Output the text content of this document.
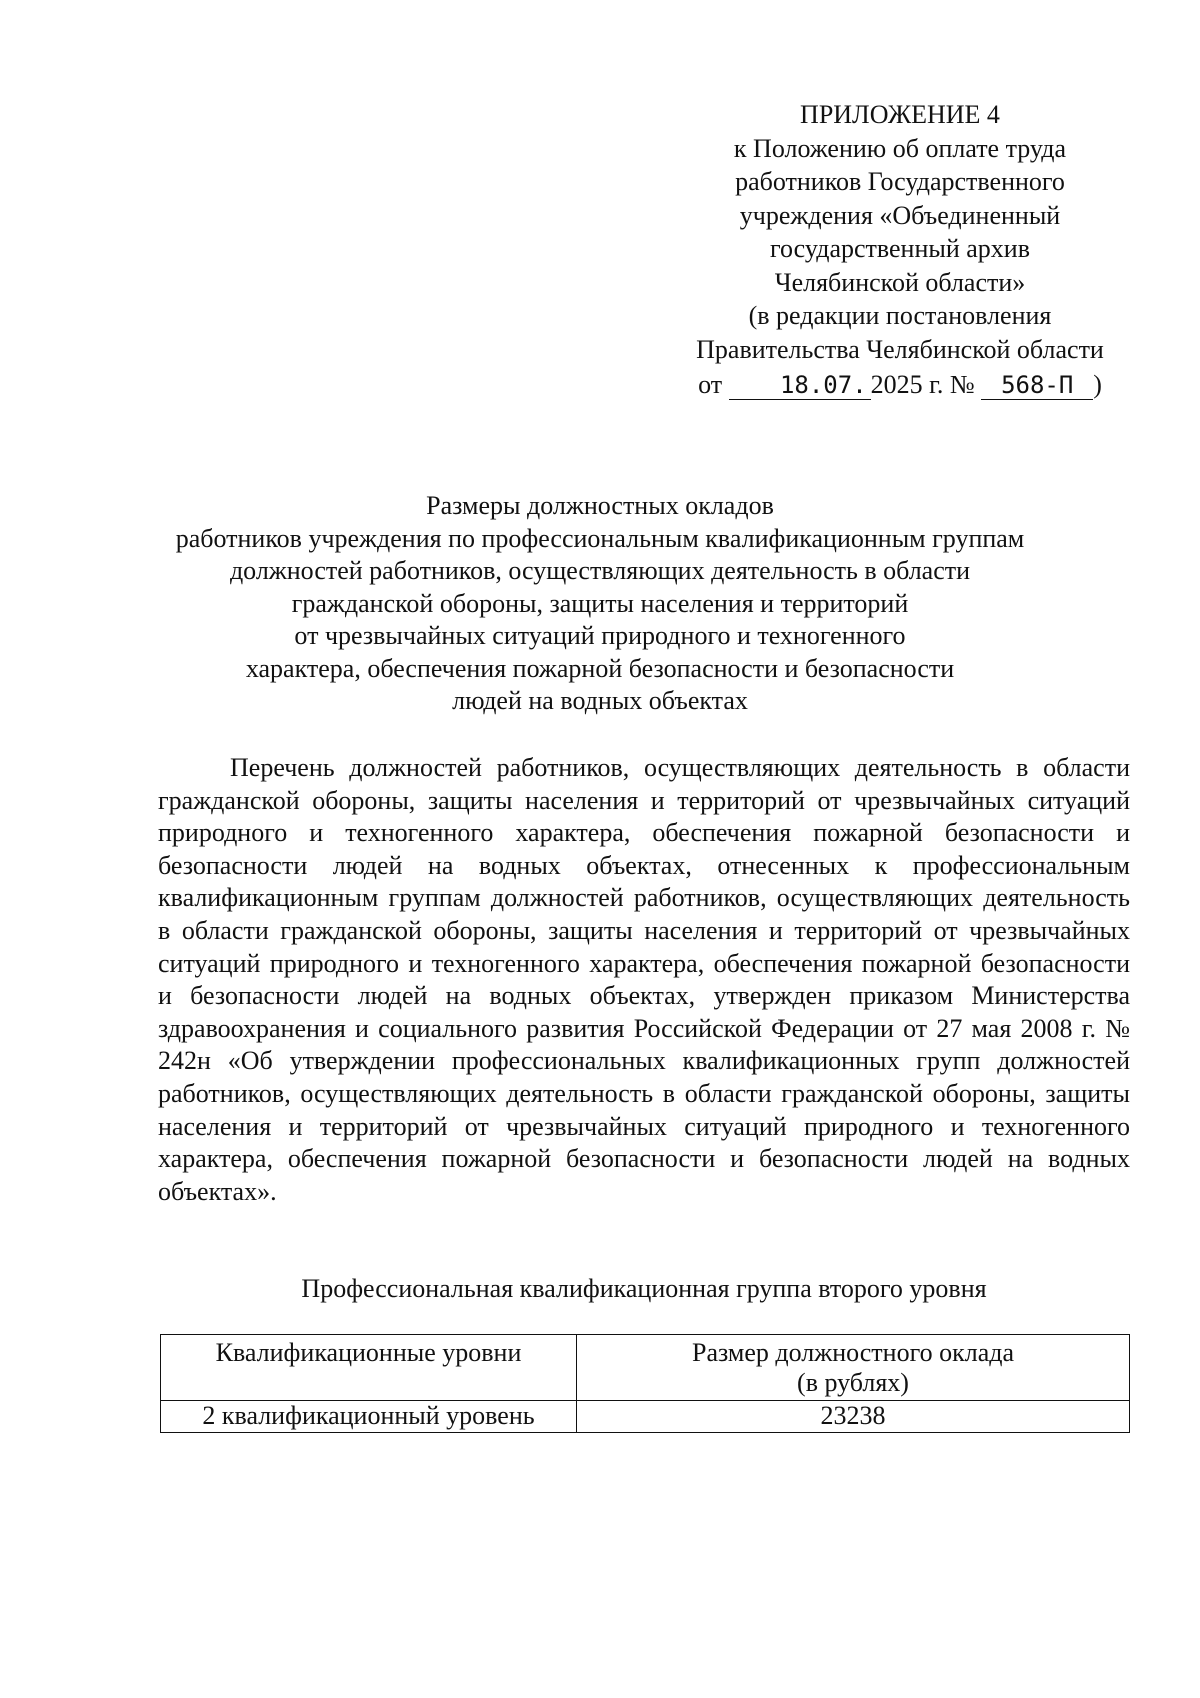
ПРИЛОЖЕНИЕ 4
к Положению об оплате труда
работников Государственного
учреждения «Объединенный
государственный архив
Челябинской области»
(в редакции постановления
Правительства Челябинской области
от 18.07. 2025 г. № 568-П )
Размеры должностных окладов
работников учреждения по профессиональным квалификационным группам
должностей работников, осуществляющих деятельность в области
гражданской обороны, защиты населения и территорий
от чрезвычайных ситуаций природного и техногенного
характера, обеспечения пожарной безопасности и безопасности
людей на водных объектах

Перечень должностей работников, осуществляющих деятельность в области гражданской обороны, защиты населения и территорий от чрезвычайных ситуаций природного и техногенного характера, обеспечения пожарной безопасности и безопасности людей на водных объектах, отнесенных к профессиональным квалификационным группам должностей работников, осуществляющих деятельность в области гражданской обороны, защиты населения и территорий от чрезвычайных ситуаций природного и техногенного характера, обеспечения пожарной безопасности и безопасности людей на водных объектах, утвержден приказом Министерства здравоохранения и социального развития Российской Федерации от 27 мая 2008 г. № 242н «Об утверждении профессиональных квалификационных групп должностей работников, осуществляющих деятельность в области гражданской обороны, защиты населения и территорий от чрезвычайных ситуаций природного и техногенного характера, обеспечения пожарной безопасности и безопасности людей на водных объектах».

Профессиональная квалификационная группа второго уровня
Квалификационные уровни	Размер должностного оклада
(в рублях)

2 квалификационный уровень	23238
